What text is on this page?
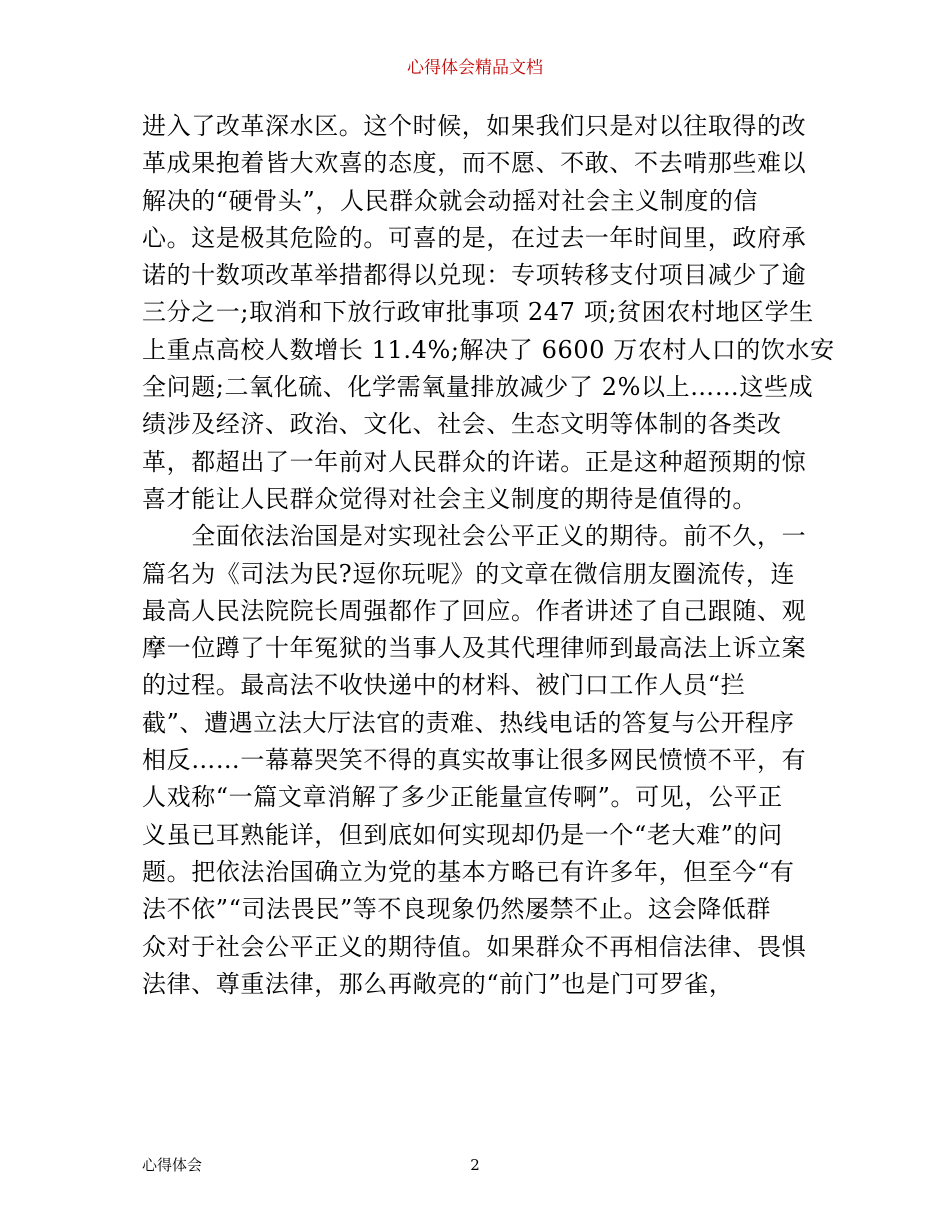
心得体会精品文档
进入了改革深水区。这个时候，如果我们只是对以往取得的改
革成果抱着皆大欢喜的态度，而不愿、不敢、不去啃那些难以
解决的“硬骨头”，人民群众就会动摇对社会主义制度的信
心。这是极其危险的。可喜的是，在过去一年时间里，政府承
诺的十数项改革举措都得以兑现：专项转移支付项目减少了逾
三分之一;取消和下放行政审批事项 247 项;贫困农村地区学生
上重点高校人数增长 11.4%;解决了 6600 万农村人口的饮水安
全问题;二氧化硫、化学需氧量排放减少了 2%以上……这些成
绩涉及经济、政治、文化、社会、生态文明等体制的各类改
革，都超出了一年前对人民群众的许诺。正是这种超预期的惊
喜才能让人民群众觉得对社会主义制度的期待是值得的。
　　全面依法治国是对实现社会公平正义的期待。前不久，一
篇名为《司法为民?逗你玩呢》的文章在微信朋友圈流传，连
最高人民法院院长周强都作了回应。作者讲述了自己跟随、观
摩一位蹲了十年冤狱的当事人及其代理律师到最高法上诉立案
的过程。最高法不收快递中的材料、被门口工作人员“拦
截”、遭遇立法大厅法官的责难、热线电话的答复与公开程序
相反……一幕幕哭笑不得的真实故事让很多网民愤愤不平，有
人戏称“一篇文章消解了多少正能量宣传啊”。可见，公平正
义虽已耳熟能详，但到底如何实现却仍是一个“老大难”的问
题。把依法治国确立为党的基本方略已有许多年，但至今“有
法不依”“司法畏民”等不良现象仍然屡禁不止。这会降低群
众对于社会公平正义的期待值。如果群众不再相信法律、畏惧
法律、尊重法律，那么再敞亮的“前门”也是门可罗雀，
心得体会	2
